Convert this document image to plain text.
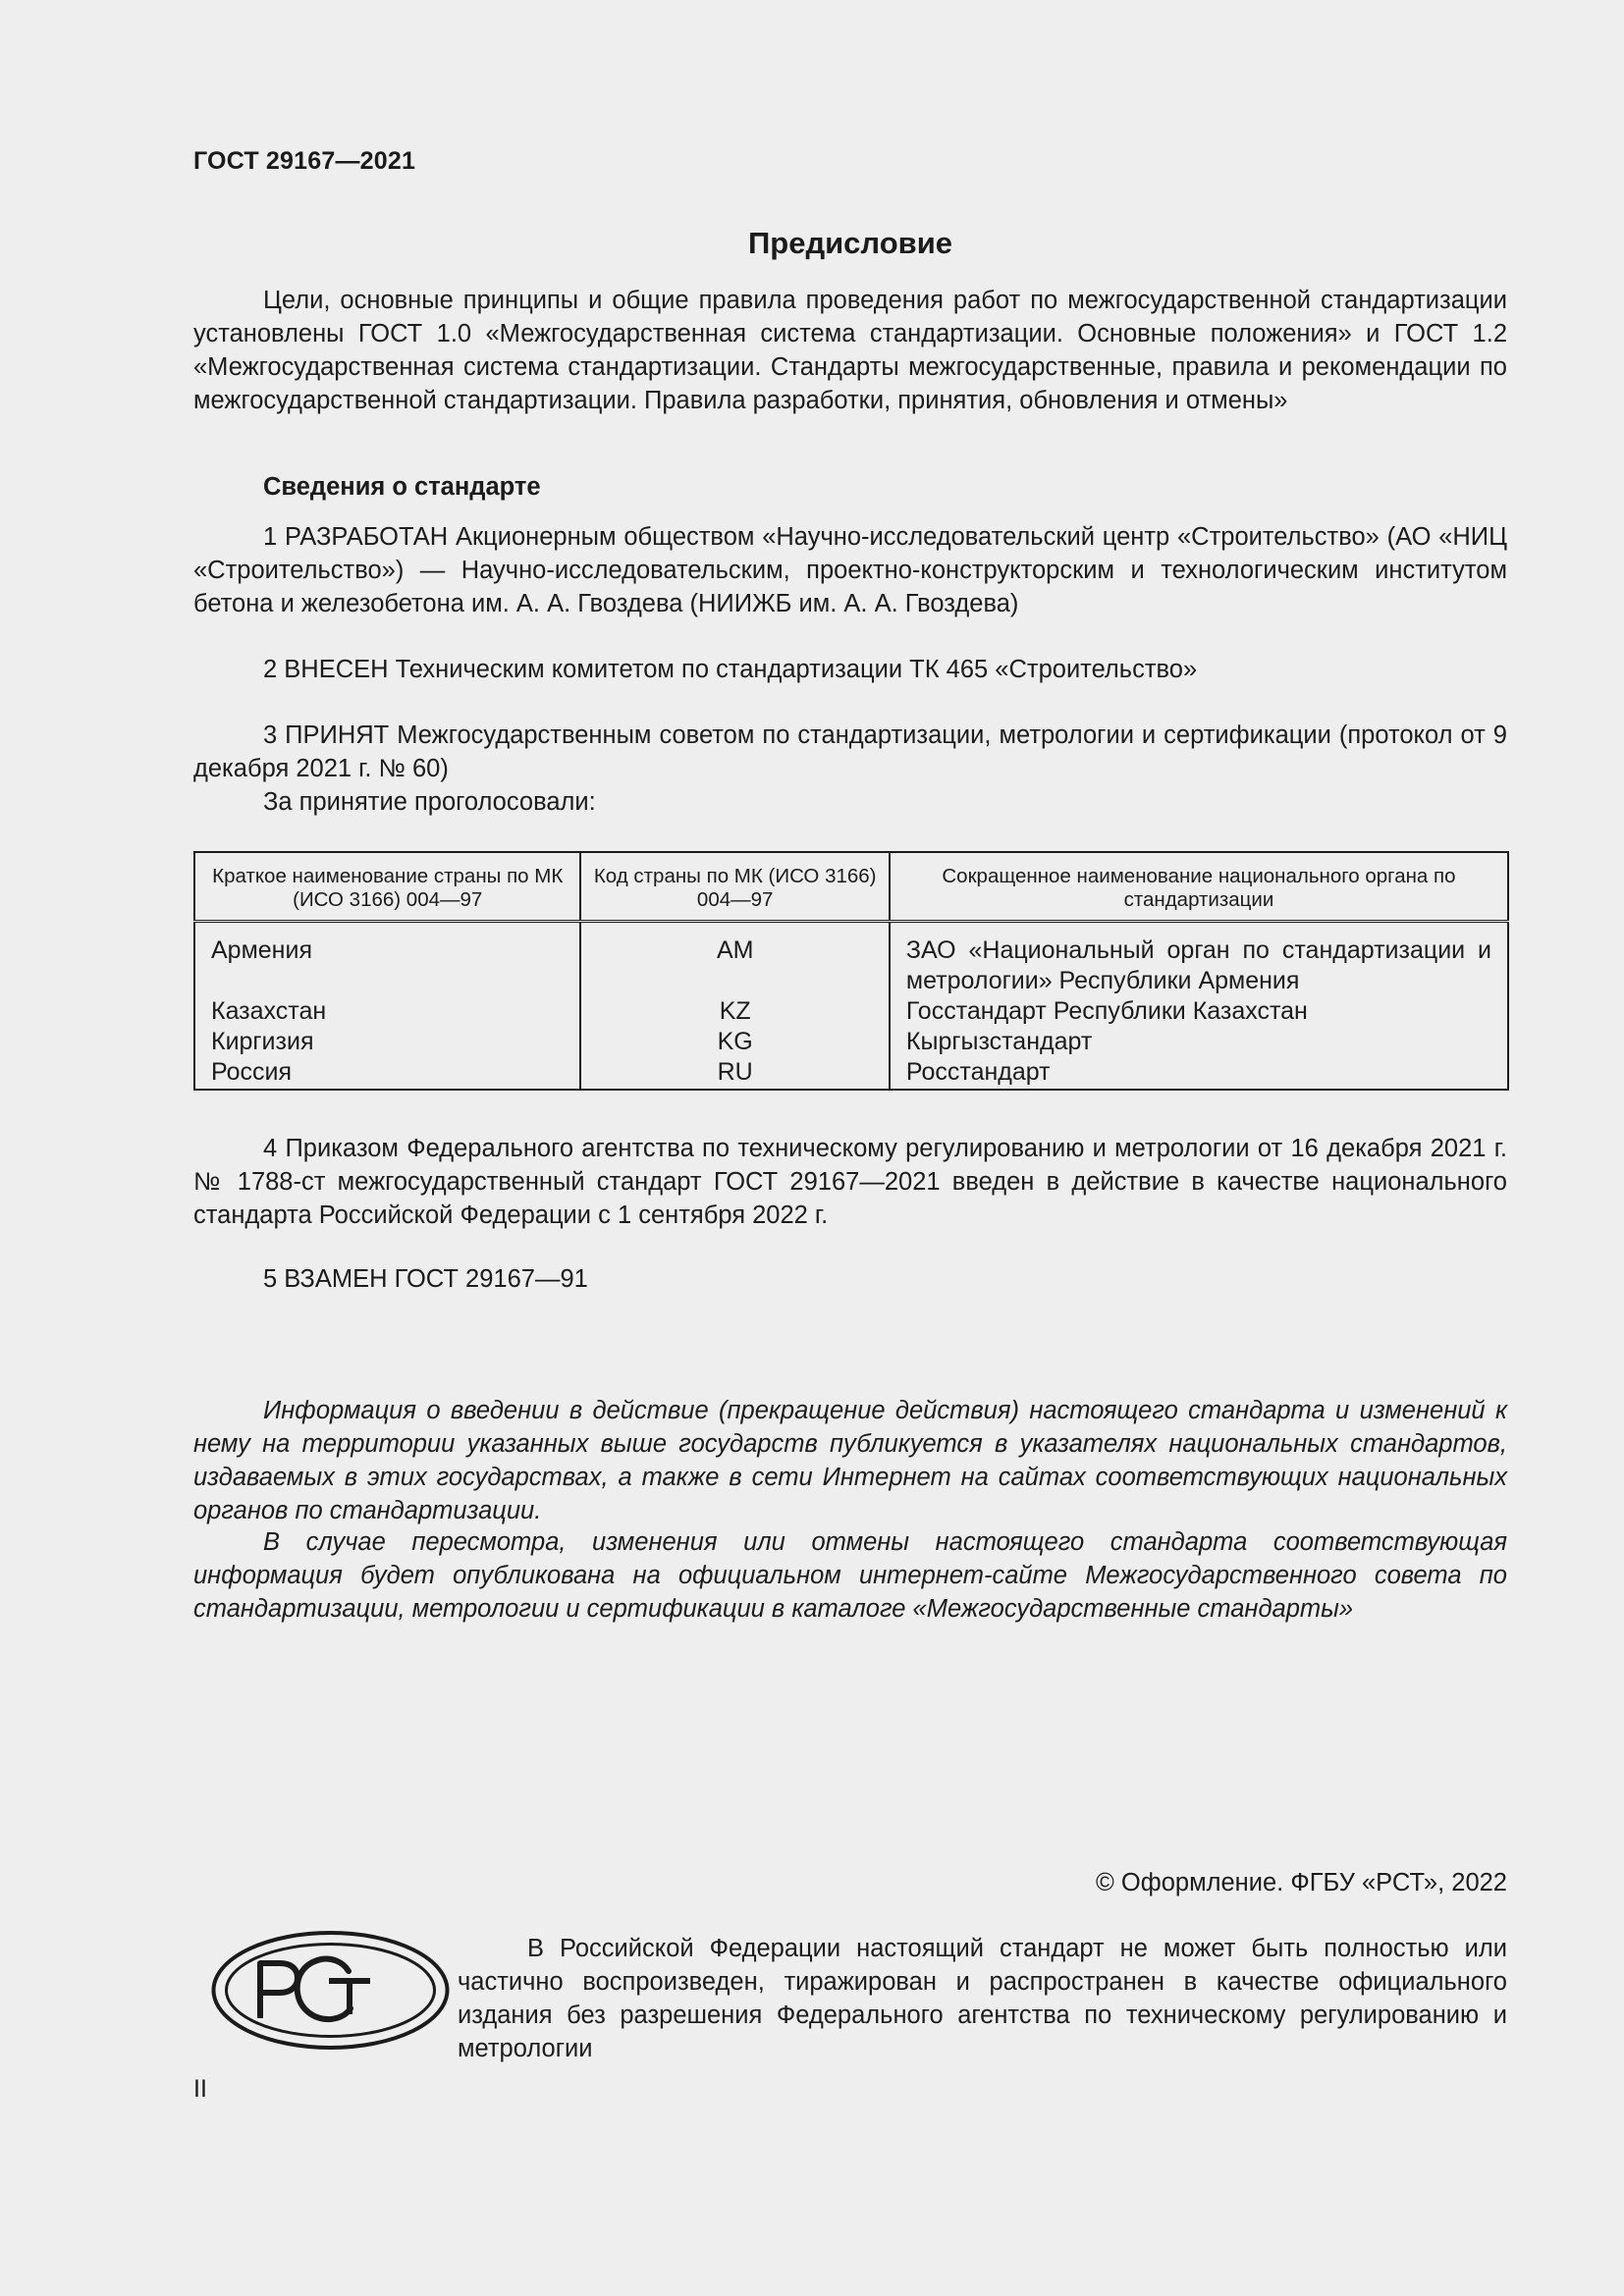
ГОСТ 29167—2021
Предисловие
Цели, основные принципы и общие правила проведения работ по межгосударственной стандартизации установлены ГОСТ 1.0 «Межгосударственная система стандартизации. Основные положения» и ГОСТ 1.2 «Межгосударственная система стандартизации. Стандарты межгосударственные, правила и рекомендации по межгосударственной стандартизации. Правила разработки, принятия, обновления и отмены»
Сведения о стандарте
1 РАЗРАБОТАН Акционерным обществом «Научно-исследовательский центр «Строительство» (АО «НИЦ «Строительство») — Научно-исследовательским, проектно-конструкторским и технологическим институтом бетона и железобетона им. А. А. Гвоздева (НИИЖБ им. А. А. Гвоздева)
2 ВНЕСЕН Техническим комитетом по стандартизации ТК 465 «Строительство»
3 ПРИНЯТ Межгосударственным советом по стандартизации, метрологии и сертификации (протокол от 9 декабря 2021 г. № 60)
За принятие проголосовали:
Краткое наименование страны по МК (ИСО 3166) 004—97	Код страны по МК (ИСО 3166) 004—97	Сокращенное наименование национального органа по стандартизации
Армения	AM	ЗАО «Национальный орган по стандартизации и метрологии» Республики Армения
Казахстан	KZ	Госстандарт Республики Казахстан
Киргизия	KG	Кыргызстандарт
Россия	RU	Росстандарт
4 Приказом Федерального агентства по техническому регулированию и метрологии от 16 декабря 2021 г. № 1788-ст межгосударственный стандарт ГОСТ 29167—2021 введен в действие в качестве национального стандарта Российской Федерации с 1 сентября 2022 г.
5 ВЗАМЕН ГОСТ 29167—91
Информация о введении в действие (прекращение действия) настоящего стандарта и изменений к нему на территории указанных выше государств публикуется в указателях национальных стандартов, издаваемых в этих государствах, а также в сети Интернет на сайтах соответствующих национальных органов по стандартизации.
В случае пересмотра, изменения или отмены настоящего стандарта соответствующая информация будет опубликована на официальном интернет-сайте Межгосударственного совета по стандартизации, метрологии и сертификации в каталоге «Межгосударственные стандарты»
© Оформление. ФГБУ «РСТ», 2022
В Российской Федерации настоящий стандарт не может быть полностью или частично воспроизведен, тиражирован и распространен в качестве официального издания без разрешения Федерального агентства по техническому регулированию и метрологии
II
